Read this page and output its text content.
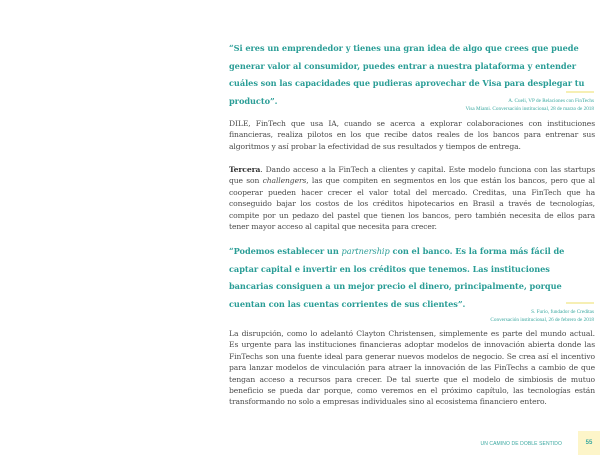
“Si eres un emprendedor y tienes una gran idea de algo que crees que puede generar valor al consumidor, puedes entrar a nuestra plataforma y entender cuáles son las capacidades que pudieras aprovechar de Visa para desplegar tu producto”.	A. Cueli, VP de Relaciones con FinTechs
Visa Miami. Conversación institucional, 28 de marzo de 2018
DILE, FinTech que usa IA, cuando se acerca a explorar colaboraciones con instituciones financieras, realiza pilotos en los que recibe datos reales de los bancos para entrenar sus algoritmos y así probar la efectividad de sus resultados y tiempos de entrega.
Tercera. Dando acceso a la FinTech a clientes y capital. Este modelo funciona con las startups que son challengers, las que compiten en segmentos en los que están los bancos, pero que al cooperar pueden hacer crecer el valor total del mercado. Creditas, una FinTech que ha conseguido bajar los costos de los créditos hipotecarios en Brasil a través de tecnologías, compite por un pedazo del pastel que tienen los bancos, pero también necesita de ellos para tener mayor acceso al capital que necesita para crecer.
“Podemos establecer un partnership con el banco. Es la forma más fácil de captar capital e invertir en los créditos que tenemos. Las instituciones bancarias consiguen a un mejor precio el dinero, principalmente, porque cuentan con las cuentas corrientes de sus clientes”.
S. Furio, fundador de Creditas
Conversación institucional, 26 de febrero de 2018
La disrupción, como lo adelantó Clayton Christensen, simplemente es parte del mundo actual. Es urgente para las instituciones financieras adoptar modelos de innovación abierta donde las FinTechs son una fuente ideal para generar nuevos modelos de negocio. Se crea así el incentivo para lanzar modelos de vinculación para atraer la innovación de las FinTechs a cambio de que tengan acceso a recursos para crecer. De tal suerte que el modelo de simbiosis de mutuo beneficio se pueda dar porque, como veremos en el próximo capítulo, las tecnologías están transformando no solo a empresas individuales sino al ecosistema financiero entero.
UN CAMINO DE DOBLE SENTIDO	55
